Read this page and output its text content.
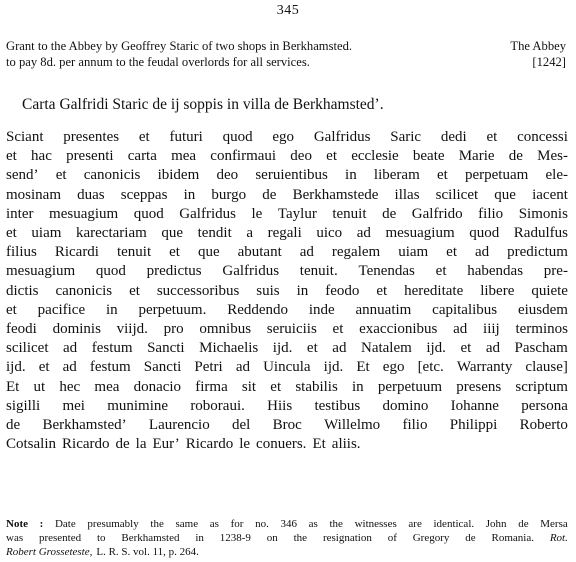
345
Grant to the Abbey by Geoffrey Staric of two shops in Berkhamsted.	The Abbey
to pay 8d. per annum to the feudal overlords for all services.	[1242]
Carta Galfridi Staric de ij soppis in villa de Berkhamsted’.
Sciant presentes et futuri quod ego Galfridus Saric dedi et concessi
et hac presenti carta mea confirmaui deo et ecclesie beate Marie de Mes-
send’ et canonicis ibidem deo seruientibus in liberam et perpetuam ele-
mosinam duas sceppas in burgo de Berkhamstede illas scilicet que iacent
inter mesuagium quod Galfridus le Taylur tenuit de Galfrido filio Simonis
et uiam karectariam que tendit a regali uico ad mesuagium quod Radulfus
filius Ricardi tenuit et que abutant ad regalem uiam et ad predictum
mesuagium quod predictus Galfridus tenuit. Tenendas et habendas pre-
dictis canonicis et successoribus suis in feodo et hereditate libere quiete
et pacifice in perpetuum. Reddendo inde annuatim capitalibus eiusdem
feodi dominis viijd. pro omnibus seruiciis et exaccionibus ad iiij terminos
scilicet ad festum Sancti Michaelis ijd. et ad Natalem ijd. et ad Pascham
ijd. et ad festum Sancti Petri ad Uincula ijd. Et ego [etc. Warranty clause]
Et ut hec mea donacio firma sit et stabilis in perpetuum presens scriptum
sigilli mei munimine roboraui. Hiis testibus domino Iohanne persona
de Berkhamsted’ Laurencio del Broc Willelmo filio Philippi Roberto
Cotsalin Ricardo de la Eur’ Ricardo le conuers. Et aliis.
Note : Date presumably the same as for no. 346 as the witnesses are identical. John de Mersa
was presented to Berkhamsted in 1238-9 on the resignation of Gregory de Romania. Rot.
Robert Grosseteste, L. R. S. vol. 11, p. 264.
